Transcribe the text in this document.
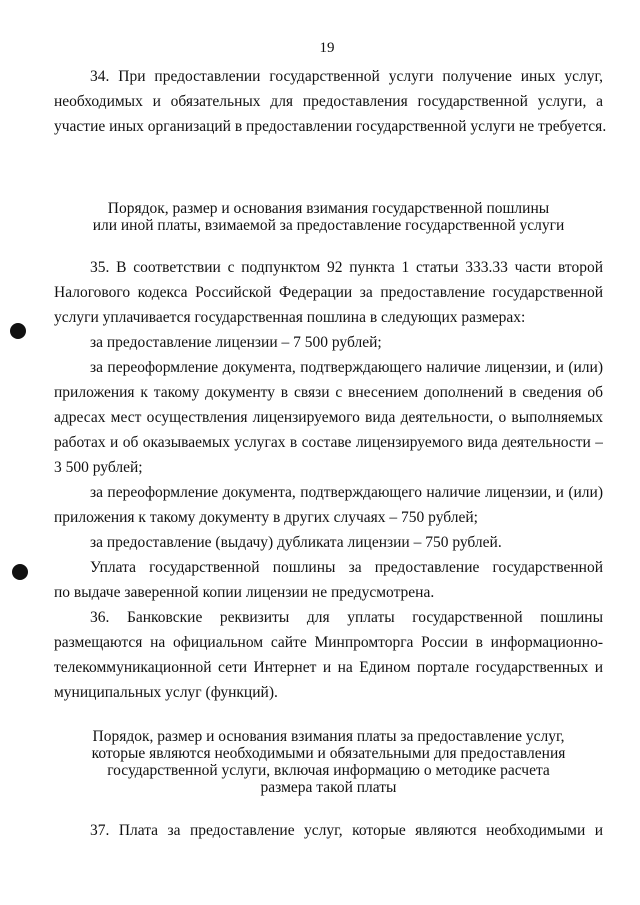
19
34. При предоставлении государственной услуги получение иных услуг,
необходимых и обязательных для предоставления государственной услуги, а
участие иных организаций в предоставлении государственной услуги не требуется.
Порядок, размер и основания взимания государственной пошлины
или иной платы, взимаемой за предоставление государственной услуги
35. В соответствии с подпунктом 92 пункта 1 статьи 333.33 части второй
Налогового кодекса Российской Федерации за предоставление государственной
услуги уплачивается государственная пошлина в следующих размерах:
за предоставление лицензии – 7 500 рублей;
за переоформление документа, подтверждающего наличие лицензии, и (или)
приложения к такому документу в связи с внесением дополнений в сведения об
адресах мест осуществления лицензируемого вида деятельности, о выполняемых
работах и об оказываемых услугах в составе лицензируемого вида деятельности –
3 500 рублей;
за переоформление документа, подтверждающего наличие лицензии, и (или)
приложения к такому документу в других случаях – 750 рублей;
за предоставление (выдачу) дубликата лицензии – 750 рублей.
Уплата государственной пошлины за предоставление государственной
по выдаче заверенной копии лицензии не предусмотрена.
36. Банковские реквизиты для уплаты государственной пошлины
размещаются на официальном сайте Минпромторга России в информационно-
телекоммуникационной сети Интернет и на Едином портале государственных и
муниципальных услуг (функций).
Порядок, размер и основания взимания платы за предоставление услуг,
которые являются необходимыми и обязательными для предоставления
государственной услуги, включая информацию о методике расчета
размера такой платы
37. Плата за предоставление услуг, которые являются необходимыми и
